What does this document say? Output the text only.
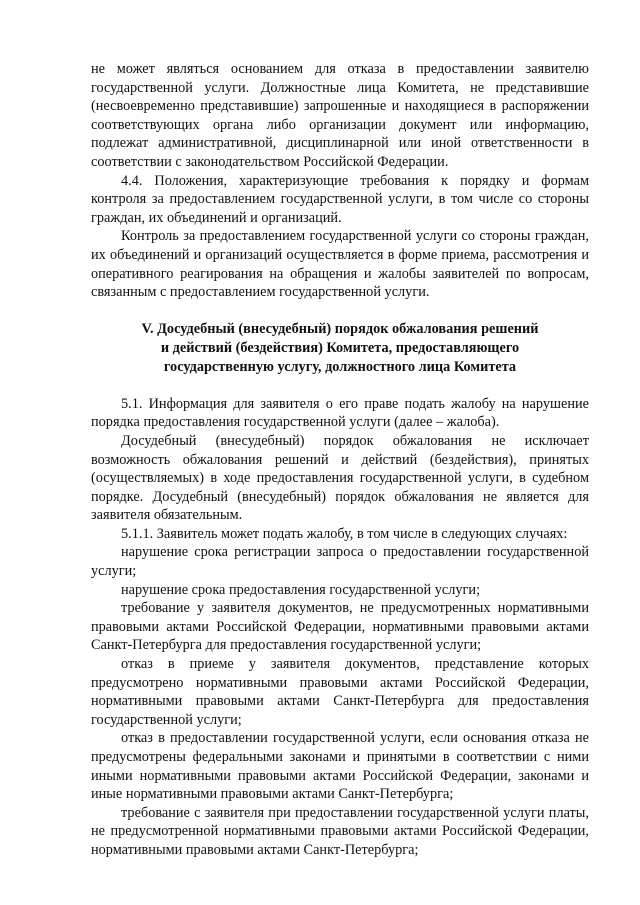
не может являться основанием для отказа в предоставлении заявителю государственной услуги. Должностные лица Комитета, не представившие (несвоевременно представившие) запрошенные и находящиеся в распоряжении соответствующих органа либо организации документ или информацию, подлежат административной, дисциплинарной или иной ответственности в соответствии с законодательством Российской Федерации.

4.4. Положения, характеризующие требования к порядку и формам контроля за предоставлением государственной услуги, в том числе со стороны граждан, их объединений и организаций.

Контроль за предоставлением государственной услуги со стороны граждан, их объединений и организаций осуществляется в форме приема, рассмотрения и оперативного реагирования на обращения и жалобы заявителей по вопросам, связанным с предоставлением государственной услуги.

V. Досудебный (внесудебный) порядок обжалования решений
и действий (бездействия) Комитета, предоставляющего
государственную услугу, должностного лица Комитета

5.1. Информация для заявителя о его праве подать жалобу на нарушение порядка предоставления государственной услуги (далее – жалоба).

Досудебный (внесудебный) порядок обжалования не исключает возможность обжалования решений и действий (бездействия), принятых (осуществляемых) в ходе предоставления государственной услуги, в судебном порядке. Досудебный (внесудебный) порядок обжалования не является для заявителя обязательным.

5.1.1. Заявитель может подать жалобу, в том числе в следующих случаях:

нарушение срока регистрации запроса о предоставлении государственной услуги;

нарушение срока предоставления государственной услуги;

требование у заявителя документов, не предусмотренных нормативными правовыми актами Российской Федерации, нормативными правовыми актами Санкт-Петербурга для предоставления государственной услуги;

отказ в приеме у заявителя документов, представление которых предусмотрено нормативными правовыми актами Российской Федерации, нормативными правовыми актами Санкт-Петербурга для предоставления государственной услуги;

отказ в предоставлении государственной услуги, если основания отказа не предусмотрены федеральными законами и принятыми в соответствии с ними иными нормативными правовыми актами Российской Федерации, законами и иные нормативными правовыми актами Санкт-Петербурга;

требование с заявителя при предоставлении государственной услуги платы, не предусмотренной нормативными правовыми актами Российской Федерации, нормативными правовыми актами Санкт-Петербурга;
